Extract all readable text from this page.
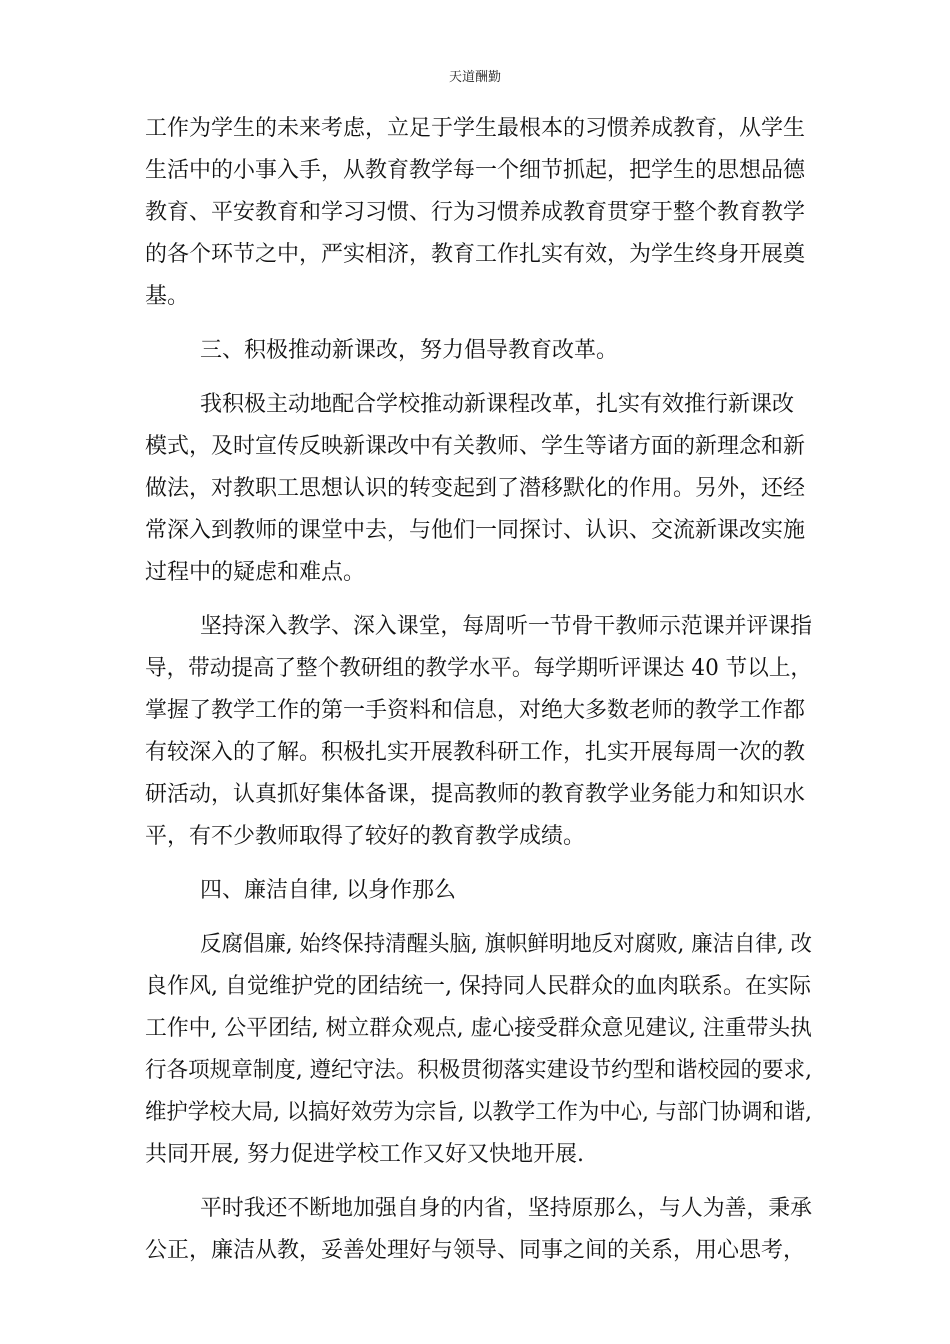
天道酬勤
工作为学生的未来考虑，立足于学生最根本的习惯养成教育，从学生
生活中的小事入手，从教育教学每一个细节抓起，把学生的思想品德
教育、平安教育和学习习惯、行为习惯养成教育贯穿于整个教育教学
的各个环节之中，严实相济，教育工作扎实有效，为学生终身开展奠
基。
三、积极推动新课改，努力倡导教育改革。
我积极主动地配合学校推动新课程改革，扎实有效推行新课改
模式，及时宣传反映新课改中有关教师、学生等诸方面的新理念和新
做法，对教职工思想认识的转变起到了潜移默化的作用。另外，还经
常深入到教师的课堂中去，与他们一同探讨、认识、交流新课改实施
过程中的疑虑和难点。
坚持深入教学、深入课堂，每周听一节骨干教师示范课并评课指
导，带动提高了整个教研组的教学水平。每学期听评课达 40 节以上，
掌握了教学工作的第一手资料和信息，对绝大多数老师的教学工作都
有较深入的了解。积极扎实开展教科研工作，扎实开展每周一次的教
研活动，认真抓好集体备课，提高教师的教育教学业务能力和知识水
平，有不少教师取得了较好的教育教学成绩。
四、廉洁自律, 以身作那么
反腐倡廉, 始终保持清醒头脑, 旗帜鲜明地反对腐败, 廉洁自律, 改
良作风, 自觉维护党的团结统一, 保持同人民群众的血肉联系。在实际
工作中, 公平团结, 树立群众观点, 虚心接受群众意见建议, 注重带头执
行各项规章制度, 遵纪守法。积极贯彻落实建设节约型和谐校园的要求,
维护学校大局, 以搞好效劳为宗旨, 以教学工作为中心, 与部门协调和谐,
共同开展, 努力促进学校工作又好又快地开展.
平时我还不断地加强自身的内省，坚持原那么，与人为善，秉承
公正，廉洁从教，妥善处理好与领导、同事之间的关系，用心思考，
